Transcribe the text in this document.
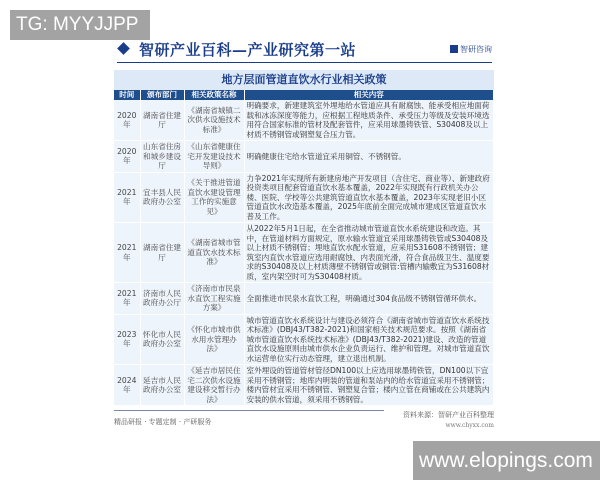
TG: MYYJJPP
智研产业百科—产业研究第一站	智研咨询
地方层面管道直饮水行业相关政策
时间	颁布部门	相关政策名称	相关内容
2020年	湖南省住建厅	《湖南省城镇二次供水设施技术标准》	明确要求，新建建筑室外埋地给水管道应具有耐腐蚀、能承受相应地面荷载和冰冻深度等能力，应根据工程地质条件、承受压力等级及安装环境选用符合国家标准的管材及配套管件，应采用球墨铸铁管、S30408及以上材质不锈钢管或钢塑复合压力管。
2020年	山东省住房和城乡建设厅	《山东省健康住宅开发建设技术导则》	明确健康住宅给水管道宜采用铜管、不锈钢管。
2021年	宜丰县人民政府办公室	《关于推进管道直饮水建设管理工作的实施意见》	力争2021年实现所有新建房地产开发项目（含住宅、商业等）、新建政府投资类项目配套管道直饮水基本覆盖，2022年实现既有行政机关办公楼、医院、学校等公共建筑管道直饮水基本覆盖，2023年实现老旧小区管道直饮水改造基本覆盖，2025年底前全面完成城市建成区管道直饮水普及工作。
2021年	湖南省住建厅	《湖南省城市管道直饮水技术标准》	从2022年5月1日起，在全省推动城市管道直饮水系统建设和改造。其中，在管道材料方面规定，原水输水管道宜采用球墨铸铁管或S30408及以上材质不锈钢管；埋地直饮水配水管道，应采用S31608不锈钢管；建筑室内直饮水管道应选用耐腐蚀、内表面光滑，符合食品级卫生、温度要求的S30408及以上材质薄壁不锈钢管或铜管:管槽内输敷宜为S31608材质，室内架空时可为S30408材质。
2021年	济南市人民政府办公厅	《济南市市民泉水直饮工程实施方案》	全面推进市民泉水直饮工程，明确通过304食品级不锈钢管循环供水。
2023年	怀化市人民政府办公室	《怀化市城市供水用水管理办法》	城市管道直饮水系统设计与建设必须符合《湖南省城市管道直饮水系统技术标准》(DBJ43/T382-2021)和国家相关技术规范要求。按照《湖南省城市管道直饮水系统技术标准》(DBJ43/T382-2021)建设、改造的管道直饮水设施原则由城市供水企业负责运行、维护和管理。对城市管道直饮水运营单位实行动态管理，建立退出机制。
2024年	延吉市人民政府办公室	《延吉市居民住宅二次供水设施建设移交暂行办法》	室外埋设的管道管材管径DN100以上应选用球墨铸铁管，DN100以下宜采用不锈钢管；地库内明装的管道和泵站内的给水管道宜采用不锈钢管；楼内管材宜采用不锈钢管、钢塑复合管；楼内立管在商铺或在公共建筑内安装的供水管道，须采用不锈钢管。
精品研报 · 专题定制 · 产研服务
资料来源：智研产业百科整理
www.chyxx.com
www.elopings.com
